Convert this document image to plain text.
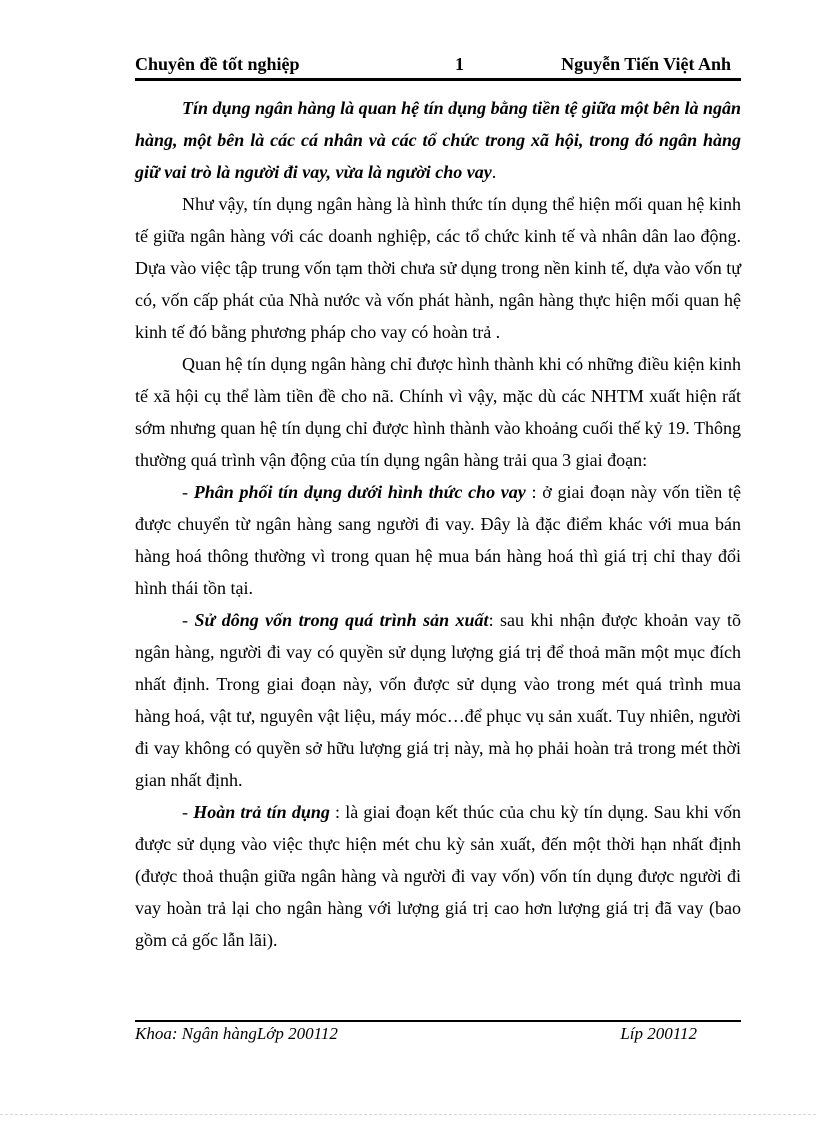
Chuyên đề tốt nghiệp	1	Nguyễn Tiến Việt Anh

Tín dụng ngân hàng là quan hệ tín dụng bằng tiền tệ giữa một bên là ngân hàng, một bên là các cá nhân và các tổ chức trong xã hội, trong đó ngân hàng giữ vai trò là người đi vay, vừa là người cho vay.

Như vậy, tín dụng ngân hàng là hình thức tín dụng thể hiện mối quan hệ kinh tế giữa ngân hàng với các doanh nghiệp, các tổ chức kinh tế và nhân dân lao động. Dựa vào việc tập trung vốn tạm thời chưa sử dụng trong nền kinh tế, dựa vào vốn tự có, vốn cấp phát của Nhà nước và vốn phát hành, ngân hàng thực hiện mối quan hệ kinh tế đó bằng phương pháp cho vay có hoàn trả .

Quan hệ tín dụng ngân hàng chỉ được hình thành khi có những điều kiện kinh tế xã hội cụ thể làm tiền đề cho nã. Chính vì vậy, mặc dù các NHTM xuất hiện rất sớm nhưng quan hệ tín dụng chỉ được hình thành vào khoảng cuối thế kỷ 19. Thông thường quá trình vận động của tín dụng ngân hàng trải qua 3 giai đoạn:

- Phân phối tín dụng dưới hình thức cho vay : ở giai đoạn này vốn tiền tệ được chuyển từ ngân hàng sang người đi vay. Đây là đặc điểm khác với mua bán hàng hoá thông thường vì trong quan hệ mua bán hàng hoá thì giá trị chỉ thay đổi hình thái tồn tại.

- Sử dông vốn trong quá trình sản xuất: sau khi nhận được khoản vay tõ ngân hàng, người đi vay có quyền sử dụng lượng giá trị để thoả mãn một mục đích nhất định. Trong giai đoạn này, vốn được sử dụng vào trong mét quá trình mua hàng hoá, vật tư, nguyên vật liệu, máy móc…để phục vụ sản xuất. Tuy nhiên, người đi vay không có quyền sở hữu lượng giá trị này, mà họ phải hoàn trả trong mét thời gian nhất định.

- Hoàn trả tín dụng : là giai đoạn kết thúc của chu kỳ tín dụng. Sau khi vốn được sử dụng vào việc thực hiện mét chu kỳ sản xuất, đến một thời hạn nhất định (được thoả thuận giữa ngân hàng và người đi vay vốn) vốn tín dụng được người đi vay hoàn trả lại cho ngân hàng với lượng giá trị cao hơn lượng giá trị đã vay (bao gồm cả gốc lẫn lãi).

Khoa: Ngân hàngLớp 200112	Líp 200112
